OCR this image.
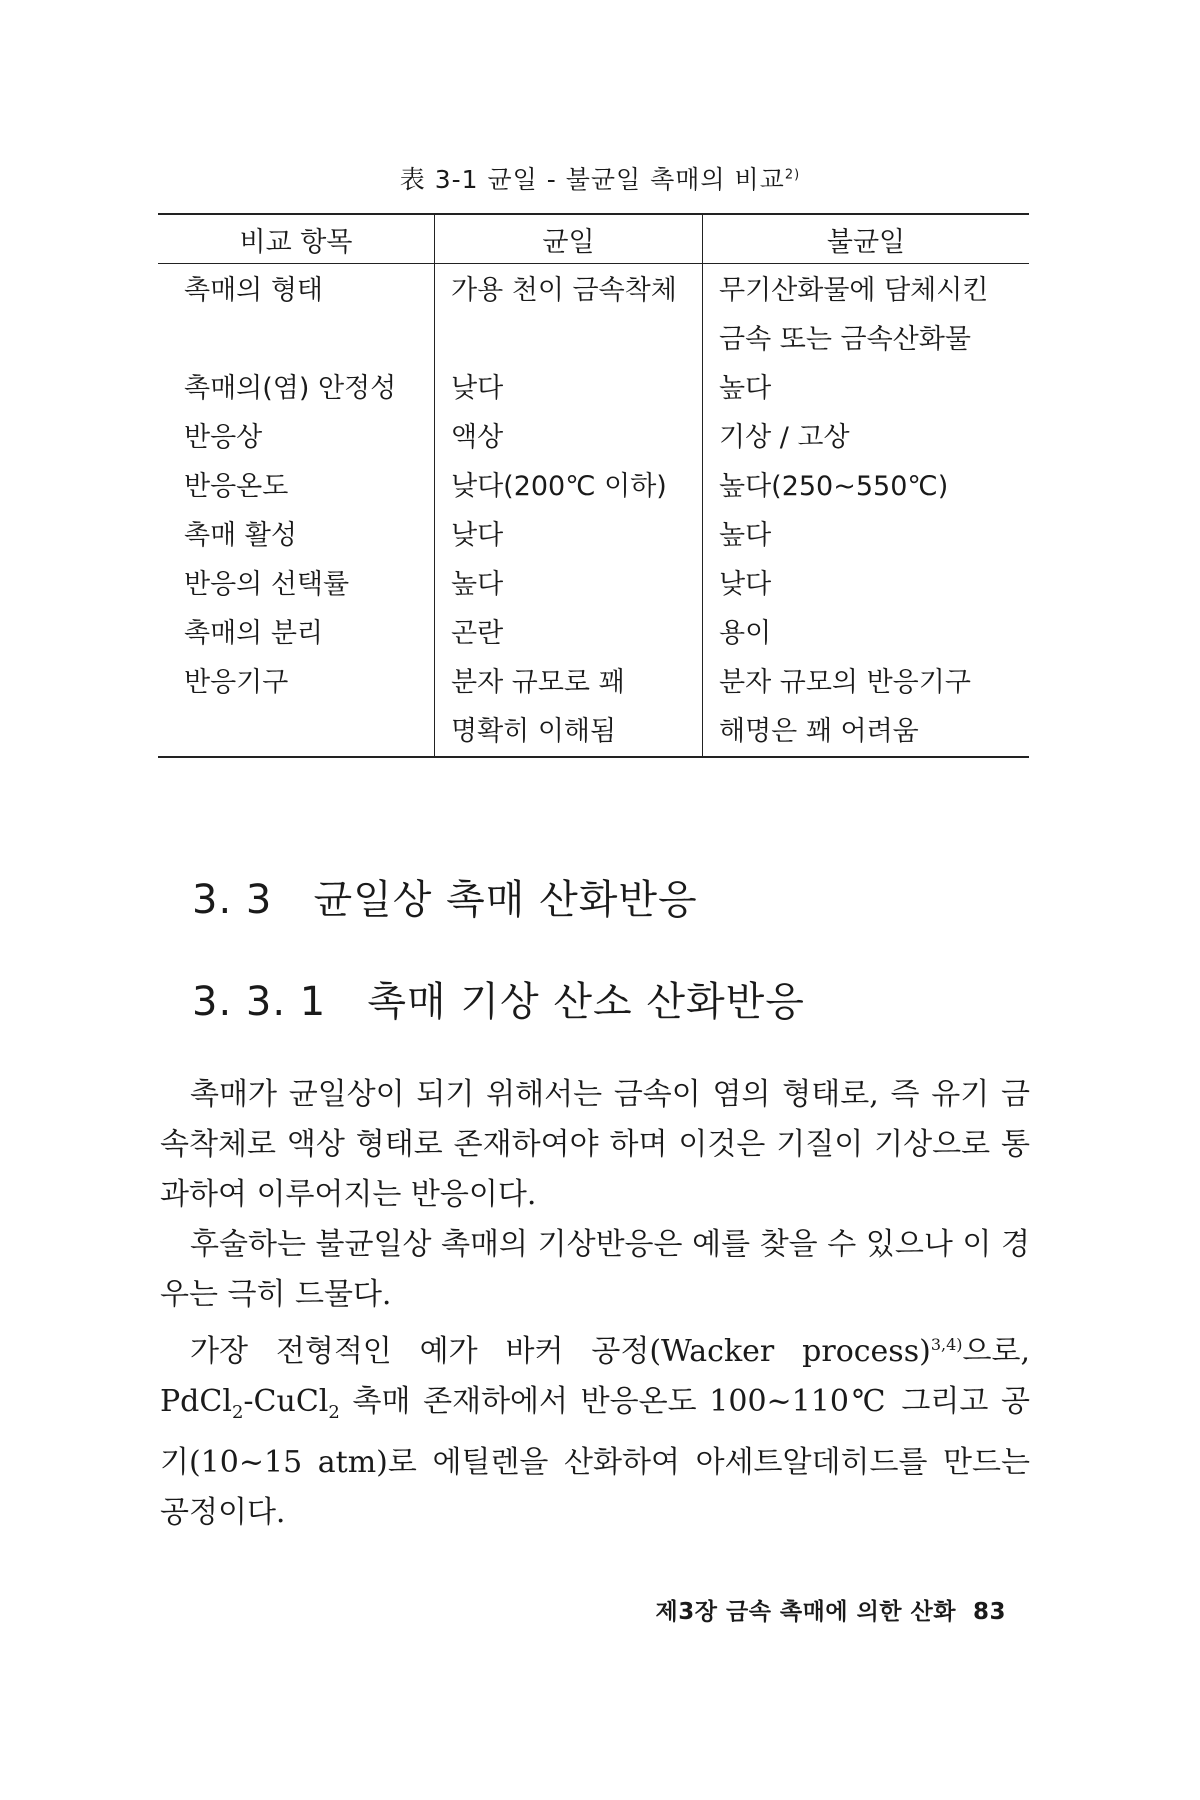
表 3-1 균일 - 불균일 촉매의 비교$^{2)}$
비교 항목	균일	불균일
촉매의 형태	가용 천이 금속착체	무기산화물에 담체시킨
		금속 또는 금속산화물
촉매의(염) 안정성	낮다	높다
반응상	액상	기상 / 고상
반응온도	낮다(200℃ 이하)	높다(250~550℃)
촉매 활성	낮다	높다
반응의 선택률	높다	낮다
촉매의 분리	곤란	용이
반응기구	분자 규모로 꽤	분자 규모의 반응기구
	명확히 이해됨	해명은 꽤 어려움
3. 3 균일상 촉매 산화반응
3. 3. 1 촉매 기상 산소 산화반응

촉매가 균일상이 되기 위해서는 금속이 염의 형태로, 즉 유기 금속착체로 액상 형태로 존재하여야 하며 이것은 기질이 기상으로 통과하여 이루어지는 반응이다.

후술하는 불균일상 촉매의 기상반응은 예를 찾을 수 있으나 이 경우는 극히 드물다.

가장 전형적인 예가 바커 공정(Wacker process)$^{3,4)}$으로, PdCl$_2$-CuCl$_2$ 촉매 존재하에서 반응온도 100~110℃ 그리고 공기(10~15 atm)로 에틸렌을 산화하여 아세트알데히드를 만드는 공정이다.

제3장 금속 촉매에 의한 산화 83
